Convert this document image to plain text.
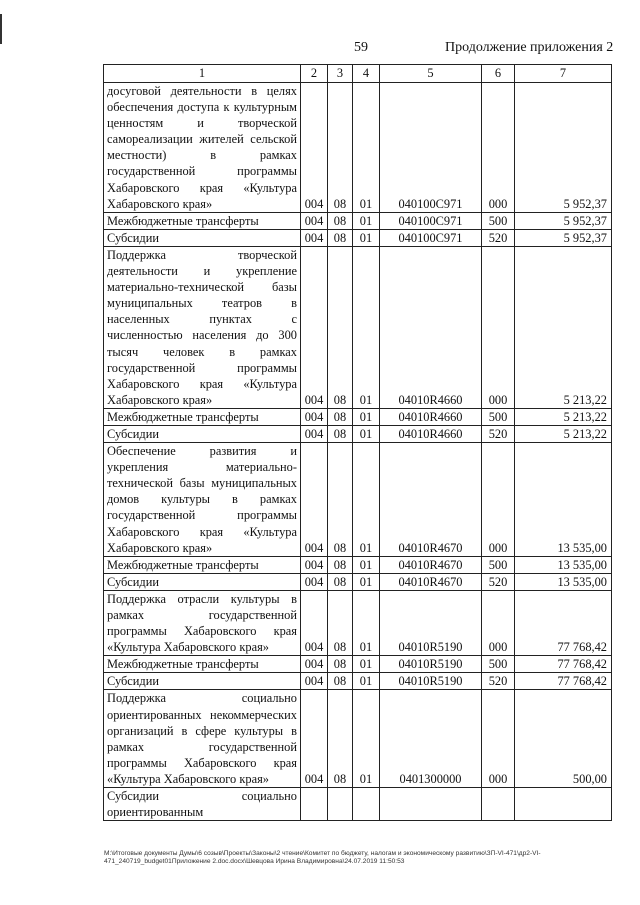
59	Продолжение приложения 2
1	2	3	4	5	6	7
досуговой деятельности в целях обеспечения доступа к культурным ценностям и творческой самореализации жителей сельской местности) в рамках государственной программы Хабаровского края «Культура Хабаровского края»	004	08	01	040100С971	000	5 952,37
Межбюджетные трансферты	004	08	01	040100С971	500	5 952,37
Субсидии	004	08	01	040100С971	520	5 952,37
Поддержка творческой деятельности и укрепление материально-технической базы муниципальных театров в населенных пунктах с численностью населения до 300 тысяч человек в рамках государственной программы Хабаровского края «Культура Хабаровского края»	004	08	01	04010R4660	000	5 213,22
Межбюджетные трансферты	004	08	01	04010R4660	500	5 213,22
Субсидии	004	08	01	04010R4660	520	5 213,22
Обеспечение развития и укрепления материально-технической базы муниципальных домов культуры в рамках государственной программы Хабаровского края «Культура Хабаровского края»	004	08	01	04010R4670	000	13 535,00
Межбюджетные трансферты	004	08	01	04010R4670	500	13 535,00
Субсидии	004	08	01	04010R4670	520	13 535,00
Поддержка отрасли культуры в рамках государственной программы Хабаровского края «Культура Хабаровского края»	004	08	01	04010R5190	000	77 768,42
Межбюджетные трансферты	004	08	01	04010R5190	500	77 768,42
Субсидии	004	08	01	04010R5190	520	77 768,42
Поддержка социально ориентированных некоммерческих организаций в сфере культуры в рамках государственной программы Хабаровского края «Культура Хабаровского края»	004	08	01	0401300000	000	500,00
Субсидии социально ориентированным						
M:\Итоговые документы Думы\6 созыв\Проекты\Законы\2 чтение\Комитет по бюджету, налогам и экономическому развитию\ЗП-VI-471\др2-VI-471_240719_budget01Приложение 2.doc.docx\Шевцова Ирина Владимировна\24.07.2019 11:50:53
